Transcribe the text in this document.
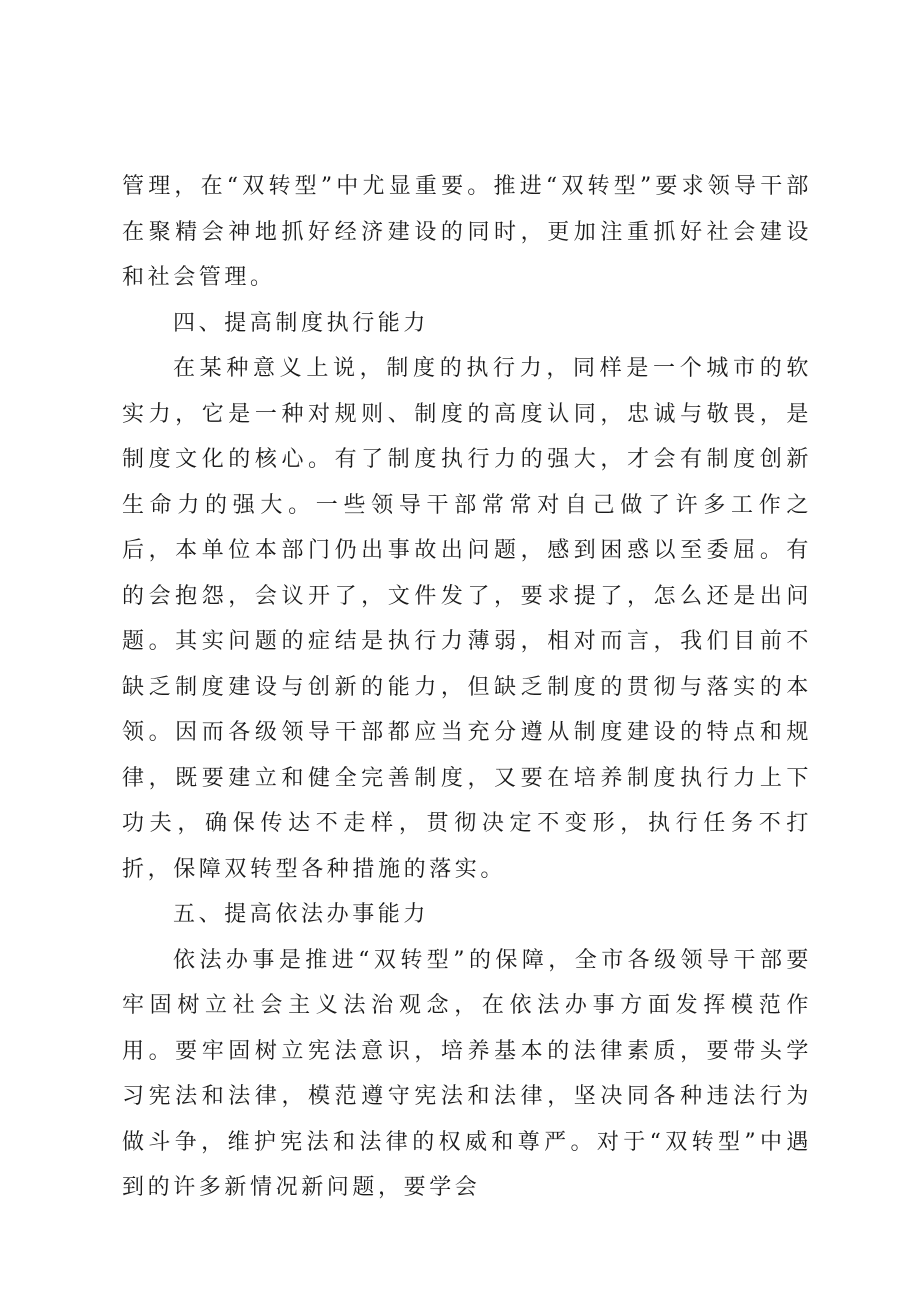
管理，在“双转型”中尤显重要。推进“双转型”要求领导干部在聚精会神地抓好经济建设的同时，更加注重抓好社会建设和社会管理。

四、提高制度执行能力

在某种意义上说，制度的执行力，同样是一个城市的软实力，它是一种对规则、制度的高度认同，忠诚与敬畏，是制度文化的核心。有了制度执行力的强大，才会有制度创新生命力的强大。一些领导干部常常对自己做了许多工作之后，本单位本部门仍出事故出问题，感到困惑以至委屈。有的会抱怨，会议开了，文件发了，要求提了，怎么还是出问题。其实问题的症结是执行力薄弱，相对而言，我们目前不缺乏制度建设与创新的能力，但缺乏制度的贯彻与落实的本领。因而各级领导干部都应当充分遵从制度建设的特点和规律，既要建立和健全完善制度，又要在培养制度执行力上下功夫，确保传达不走样，贯彻决定不变形，执行任务不打折，保障双转型各种措施的落实。

五、提高依法办事能力

依法办事是推进“双转型”的保障，全市各级领导干部要牢固树立社会主义法治观念，在依法办事方面发挥模范作用。要牢固树立宪法意识，培养基本的法律素质，要带头学习宪法和法律，模范遵守宪法和法律，坚决同各种违法行为做斗争，维护宪法和法律的权威和尊严。对于“双转型”中遇到的许多新情况新问题，要学会
